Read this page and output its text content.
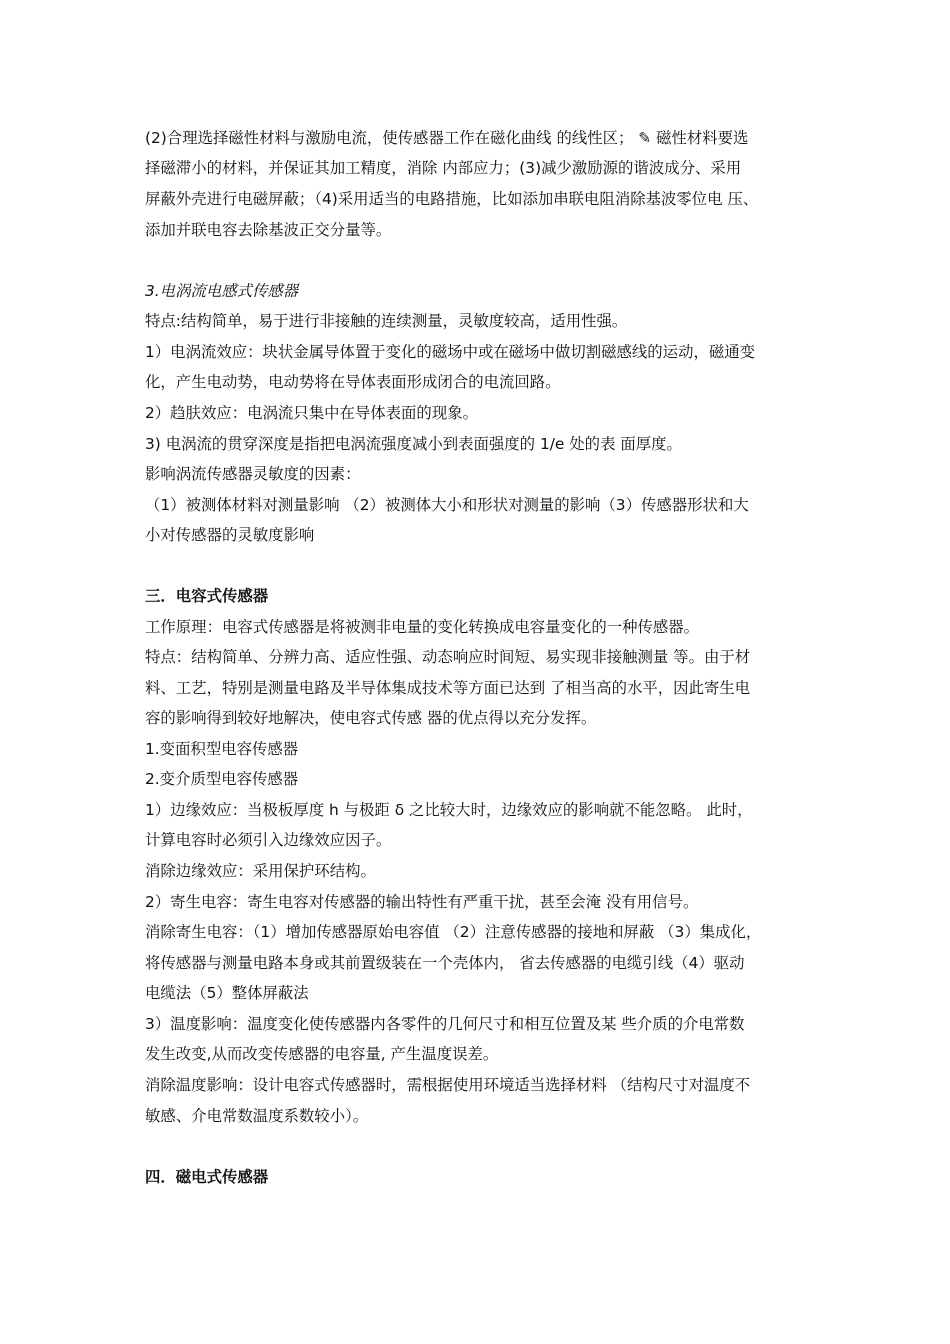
(2)合理选择磁性材料与激励电流，使传感器工作在磁化曲线 的线性区； ✎ 磁性材料要选
择磁滞小的材料，并保证其加工精度，消除 内部应力；(3)减少激励源的谐波成分、采用
屏蔽外壳进行电磁屏蔽；（4)采用适当的电路措施，比如添加串联电阻消除基波零位电 压、
添加并联电容去除基波正交分量等。
3.电涡流电感式传感器
特点:结构简单，易于进行非接触的连续测量，灵敏度较高，适用性强。
1）电涡流效应：块状金属导体置于变化的磁场中或在磁场中做切割磁感线的运动，磁通变
化，产生电动势，电动势将在导体表面形成闭合的电流回路。
2）趋肤效应：电涡流只集中在导体表面的现象。
3) 电涡流的贯穿深度是指把电涡流强度减小到表面强度的 1/e 处的表 面厚度。
影响涡流传感器灵敏度的因素：
（1）被测体材料对测量影响 （2）被测体大小和形状对测量的影响（3）传感器形状和大
小对传感器的灵敏度影响
三．电容式传感器
工作原理：电容式传感器是将被测非电量的变化转换成电容量变化的一种传感器。
特点：结构简单、分辨力高、适应性强、动态响应时间短、易实现非接触测量 等。由于材
料、工艺，特别是测量电路及半导体集成技术等方面已达到 了相当高的水平，因此寄生电
容的影响得到较好地解决，使电容式传感 器的优点得以充分发挥。
1.变面积型电容传感器
2.变介质型电容传感器
1）边缘效应：当极板厚度 h 与极距 δ 之比较大时，边缘效应的影响就不能忽略。 此时，
计算电容时必须引入边缘效应因子。
消除边缘效应：采用保护环结构。
2）寄生电容：寄生电容对传感器的输出特性有严重干扰，甚至会淹 没有用信号。
消除寄生电容：（1）增加传感器原始电容值 （2）注意传感器的接地和屏蔽 （3）集成化，
将传感器与测量电路本身或其前置级装在一个壳体内， 省去传感器的电缆引线（4）驱动
电缆法（5）整体屏蔽法
3）温度影响：温度变化使传感器内各零件的几何尺寸和相互位置及某 些介质的介电常数
发生改变,从而改变传感器的电容量, 产生温度误差。
消除温度影响：设计电容式传感器时，需根据使用环境适当选择材料 （结构尺寸对温度不
敏感、介电常数温度系数较小）。
四．磁电式传感器
